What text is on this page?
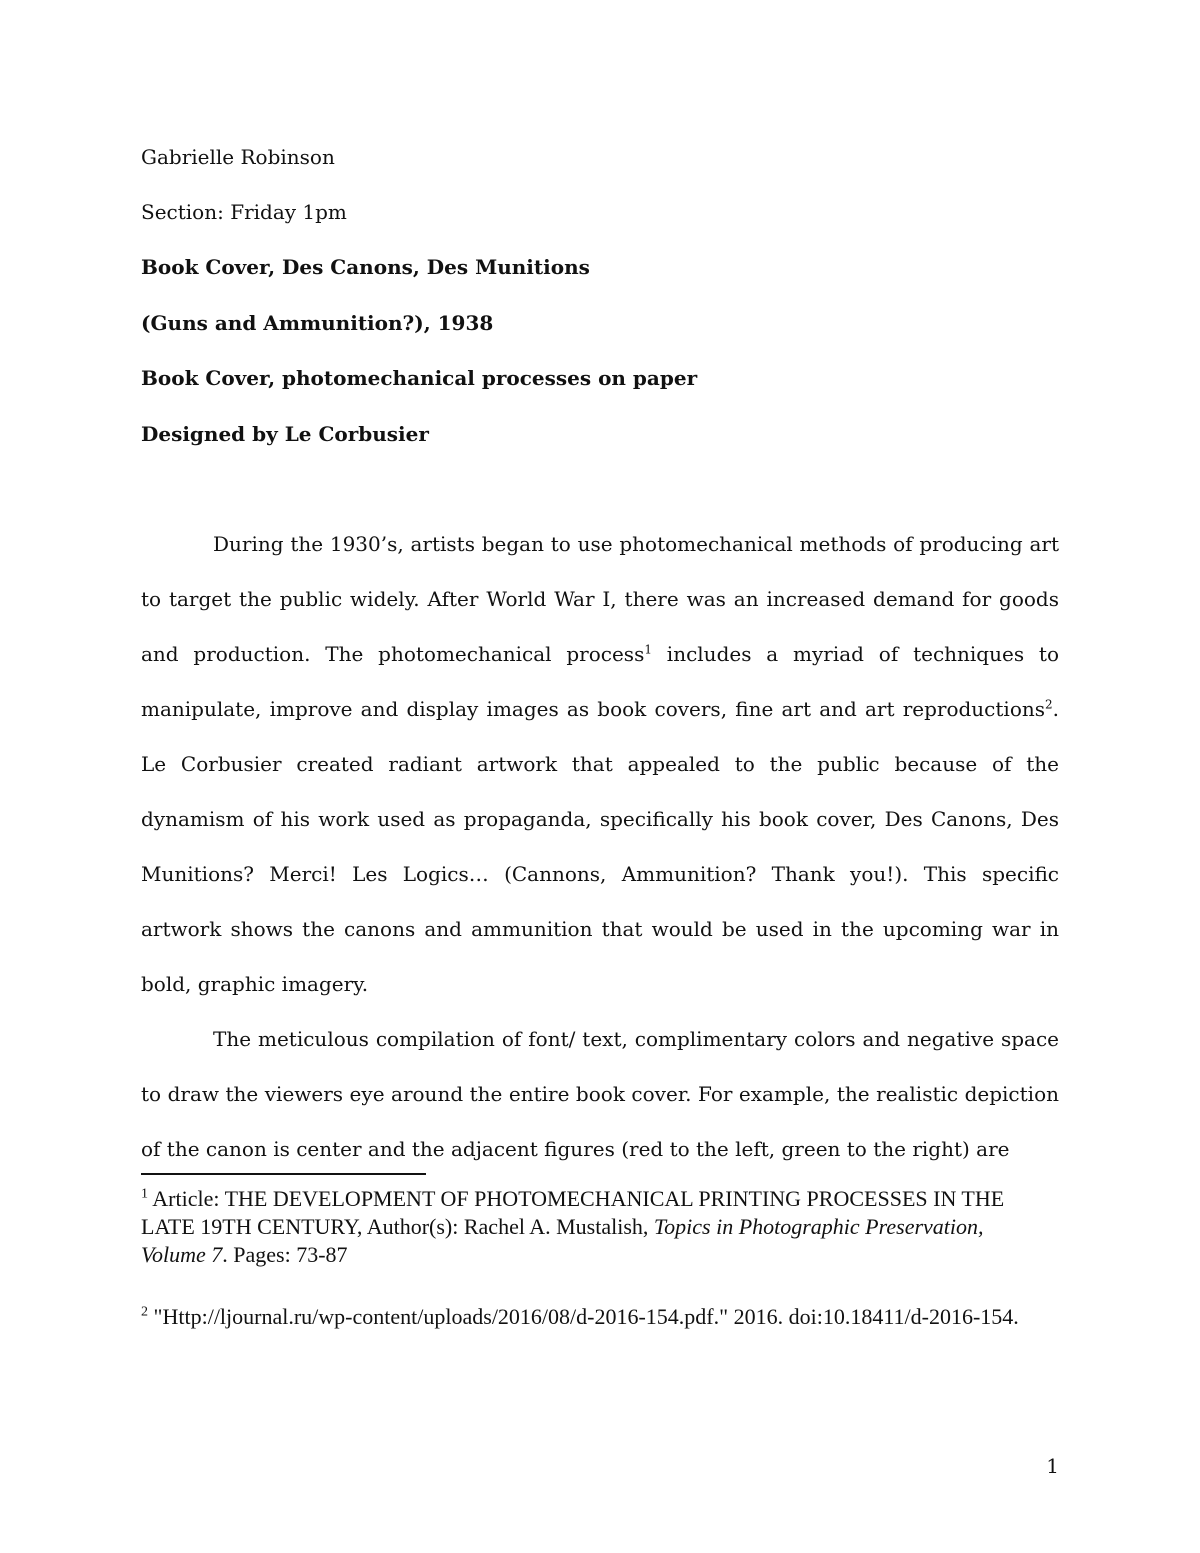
Gabrielle Robinson
Section: Friday 1pm
Book Cover, Des Canons, Des Munitions
(Guns and Ammunition?), 1938
Book Cover, photomechanical processes on paper
Designed by Le Corbusier

During the 1930’s, artists began to use photomechanical methods of producing art to target the public widely. After World War I, there was an increased demand for goods and production. The photomechanical process$^1$ includes a myriad of techniques to manipulate, improve and display images as book covers, fine art and art reproductions$^2$. Le Corbusier created radiant artwork that appealed to the public because of the dynamism of his work used as propaganda, specifically his book cover, Des Canons, Des Munitions? Merci! Les Logics… (Cannons, Ammunition? Thank you!). This specific artwork shows the canons and ammunition that would be used in the upcoming war in bold, graphic imagery.

The meticulous compilation of font/ text, complimentary colors and negative space to draw the viewers eye around the entire book cover. For example, the realistic depiction of the canon is center and the adjacent figures (red to the left, green to the right) are

$^1$ Article: THE DEVELOPMENT OF PHOTOMECHANICAL PRINTING PROCESSES IN THE LATE 19TH CENTURY, Author(s): Rachel A. Mustalish, Topics in Photographic Preservation, Volume 7. Pages: 73-87

$^2$ "Http://ljournal.ru/wp-content/uploads/2016/08/d-2016-154.pdf." 2016. doi:10.18411/d-2016-154.

1
